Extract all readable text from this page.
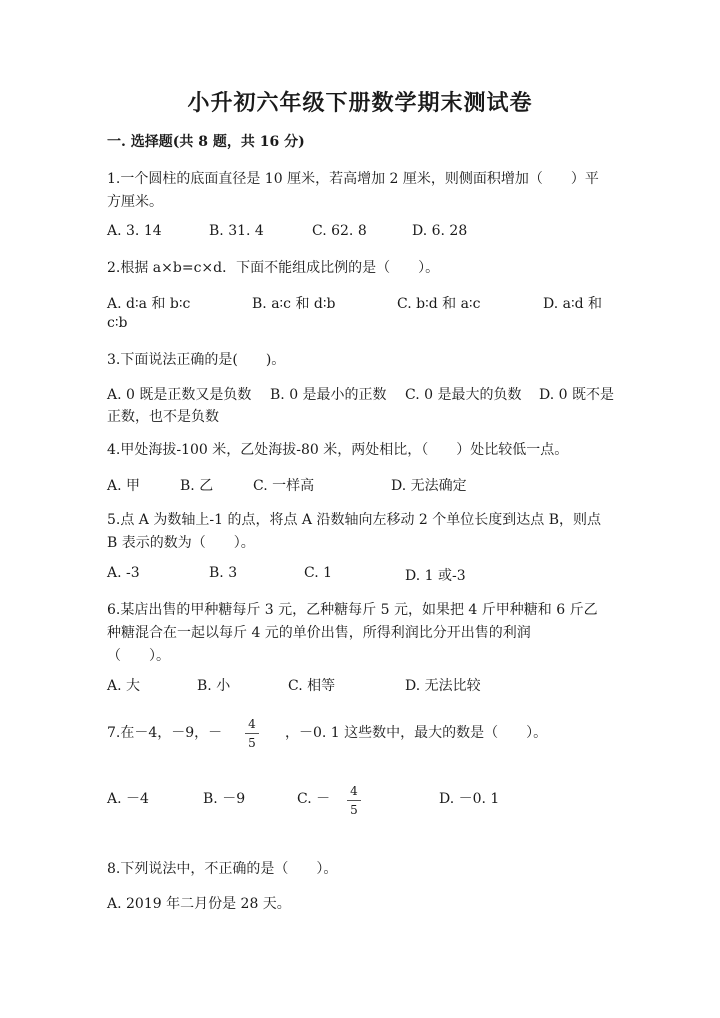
小升初六年级下册数学期末测试卷
一. 选择题(共 8 题，共 16 分)
1.一个圆柱的底面直径是 10 厘米，若高增加 2 厘米，则侧面积增加（　　）平
方厘米。
A. 3. 14	B. 31. 4	C. 62. 8	D. 6. 28
2.根据 a×b=c×d．下面不能组成比例的是（　　）。
A. d∶a 和 b∶c	B. a∶c 和 d∶b	C. b∶d 和 a∶c	D. a∶d 和
c∶b
3.下面说法正确的是(　　)。
A. 0 既是正数又是负数 B. 0 是最小的正数 C. 0 是最大的负数 D. 0 既不是
正数，也不是负数
4.甲处海拔-100 米，乙处海拔-80 米，两处相比，（　　）处比较低一点。
A. 甲	B. 乙	C. 一样高	D. 无法确定
5.点 A 为数轴上-1 的点，将点 A 沿数轴向左移动 2 个单位长度到达点 B，则点
B 表示的数为（　　）。
A. -3	B. 3	C. 1	D. 1 或-3
6.某店出售的甲种糖每斤 3 元，乙种糖每斤 5 元，如果把 4 斤甲种糖和 6 斤乙
种糖混合在一起以每斤 4 元的单价出售，所得利润比分开出售的利润
（　　）。
A. 大	B. 小	C. 相等	D. 无法比较
7.在－4，－9，－	，－0. 1 这些数中，最大的数是（　　）。
4
5
A. －4	B. －9	C. －	D. －0. 1
4
5
8.下列说法中，不正确的是（　　）。
A. 2019 年二月份是 28 天。
